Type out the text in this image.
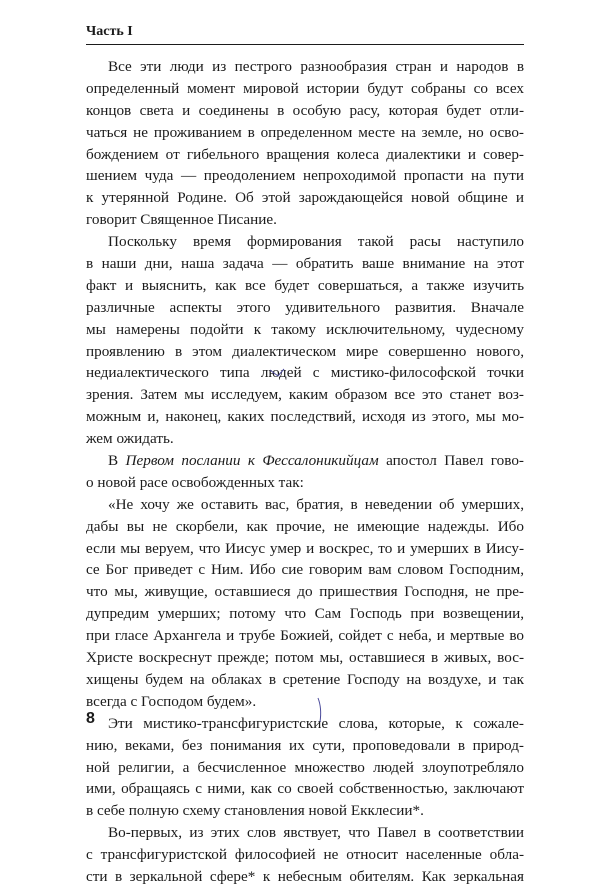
Часть I
Все эти люди из пестрого разнообразия стран и народов в
определенный момент мировой истории будут собраны со всех
концов света и соединены в особую расу, которая будет отли-
чаться не проживанием в определенном месте на земле, но осво-
бождением от гибельного вращения колеса диалектики и совер-
шением чуда — преодолением непроходимой пропасти на пути
к утерянной Родине. Об этой зарождающейся новой общине и
говорит Священное Писание.
Поскольку время формирования такой расы наступило
в наши дни, наша задача — обратить ваше внимание на этот
факт и выяснить, как все будет совершаться, а также изучить
различные аспекты этого удивительного развития. Вначале
мы намерены подойти к такому исключительному, чудесному
проявлению в этом диалектическом мире совершенно нового,
недиалектического типа людей с мистико-философской точки
зрения. Затем мы исследуем, каким образом все это станет воз-
можным и, наконец, каких последствий, исходя из этого, мы мо-
жем ожидать.
В Первом послании к Фессалоникийцам апостол Павел гово-
о новой расе освобожденных так:
«Не хочу же оставить вас, братия, в неведении об умерших,
дабы вы не скорбели, как прочие, не имеющие надежды. Ибо
если мы веруем, что Иисус умер и воскрес, то и умерших в Иису-
се Бог приведет с Ним. Ибо сие говорим вам словом Господним,
что мы, живущие, оставшиеся до пришествия Господня, не пре-
дупредим умерших; потому что Сам Господь при возвещении,
при гласе Архангела и трубе Божией, сойдет с неба, и мертвые во
Христе воскреснут прежде; потом мы, оставшиеся в живых, вос-
хищены будем на облаках в сретение Господу на воздухе, и так
всегда с Господом будем».
Эти мистико-трансфигуристские слова, которые, к сожале-
нию, веками, без понимания их сути, проповедовали в природ-
ной религии, а бесчисленное множество людей злоупотребляло
ими, обращаясь с ними, как со своей собственностью, заключают
в себе полную схему становления новой Екклесии*.
Во-первых, из этих слов явствует, что Павел в соответствии
с трансфигуристской философией не относит населенные обла-
сти в зеркальной сфере* к небесным обителям. Как зеркальная
8
